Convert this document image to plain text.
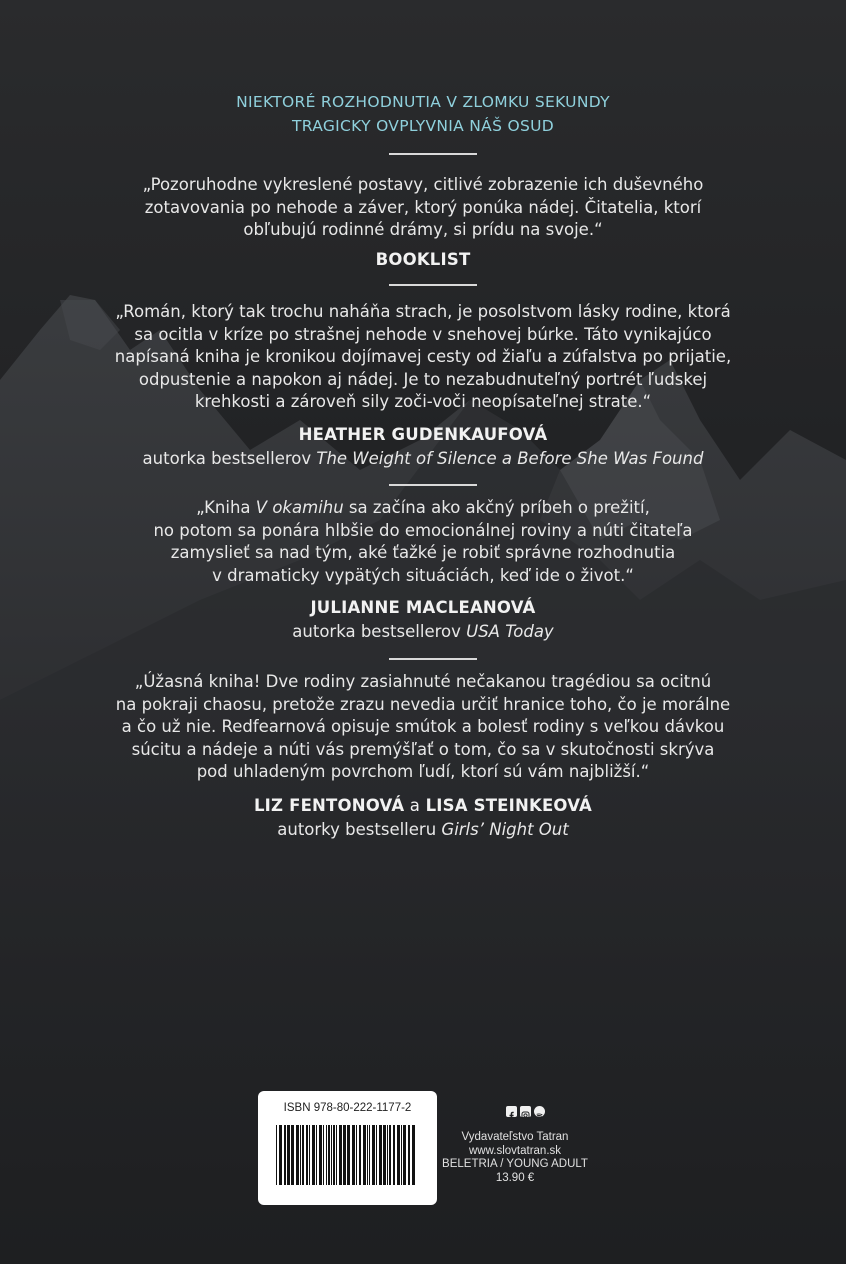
NIEKTORÉ ROZHODNUTIA V ZLOMKU SEKUNDY
TRAGICKY OVPLYVNIA NÁŠ OSUD
„Pozoruhodne vykreslené postavy, citlivé zobrazenie ich duševného
zotavovania po nehode a záver, ktorý ponúka nádej. Čitatelia, ktorí
obľubujú rodinné drámy, si prídu na svoje.“
BOOKLIST
„Román, ktorý tak trochu naháňa strach, je posolstvom lásky rodine, ktorá
sa ocitla v kríze po strašnej nehode v snehovej búrke. Táto vynikajúco
napísaná kniha je kronikou dojímavej cesty od žiaľu a zúfalstva po prijatie,
odpustenie a napokon aj nádej. Je to nezabudnuteľný portrét ľudskej
krehkosti a zároveň sily zoči-voči neopísateľnej strate.“
HEATHER GUDENKAUFOVÁ
autorka bestsellerov The Weight of Silence a Before She Was Found
„Kniha V okamihu sa začína ako akčný príbeh o prežití,
no potom sa ponára hlbšie do emocionálnej roviny a núti čitateľa
zamyslieť sa nad tým, aké ťažké je robiť správne rozhodnutia
v dramaticky vypätých situáciách, keď ide o život.“
JULIANNE MACLEANOVÁ
autorka bestsellerov USA Today
„Úžasná kniha! Dve rodiny zasiahnuté nečakanou tragédiou sa ocitnú
na pokraji chaosu, pretože zrazu nevedia určiť hranice toho, čo je morálne
a čo už nie. Redfearnová opisuje smútok a bolesť rodiny s veľkou dávkou
súcitu a nádeje a núti vás premýšľať o tom, čo sa v skutočnosti skrýva
pod uhladeným povrchom ľudí, ktorí sú vám najbližší.“
LIZ FENTONOVÁ a LISA STEINKEOVÁ
autorky bestselleru Girls’ Night Out
ISBN 978-80-222-1177-2
Vydavateľstvo Tatran
www.slovtatran.sk
BELETRIA / YOUNG ADULT
13.90 €
